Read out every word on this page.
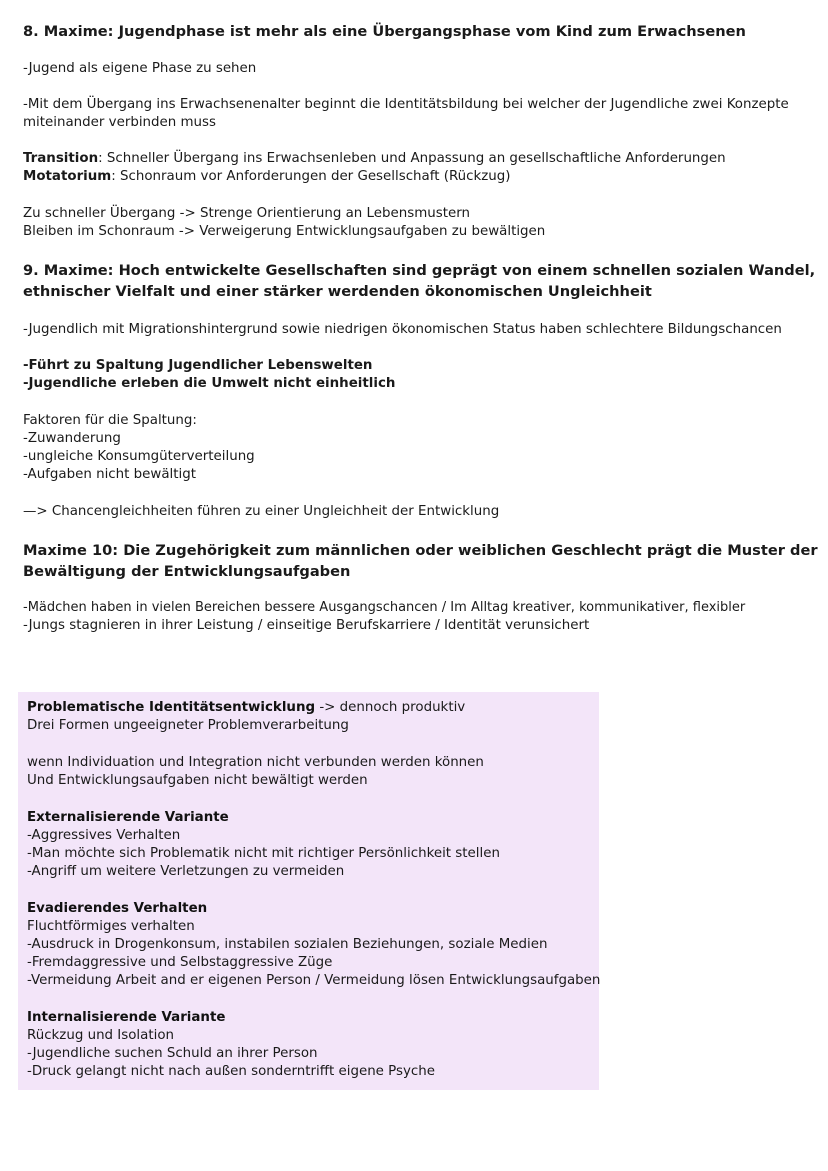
8. Maxime: Jugendphase ist mehr als eine Übergangsphase vom Kind zum Erwachsenen
-Jugend als eigene Phase zu sehen
-Mit dem Übergang ins Erwachsenenalter beginnt die Identitätsbildung bei welcher der Jugendliche zwei Konzepte
miteinander verbinden muss
Transition: Schneller Übergang ins Erwachsenleben und Anpassung an gesellschaftliche Anforderungen
Motatorium: Schonraum vor Anforderungen der Gesellschaft (Rückzug)
Zu schneller Übergang -> Strenge Orientierung an Lebensmustern
Bleiben im Schonraum -> Verweigerung Entwicklungsaufgaben zu bewältigen
9. Maxime: Hoch entwickelte Gesellschaften sind geprägt von einem schnellen sozialen Wandel,
ethnischer Vielfalt und einer stärker werdenden ökonomischen Ungleichheit
-Jugendlich mit Migrationshintergrund sowie niedrigen ökonomischen Status haben schlechtere Bildungschancen
-Führt zu Spaltung Jugendlicher Lebenswelten
-Jugendliche erleben die Umwelt nicht einheitlich
Faktoren für die Spaltung:
-Zuwanderung
-ungleiche Konsumgüterverteilung
-Aufgaben nicht bewältigt
—> Chancengleichheiten führen zu einer Ungleichheit der Entwicklung
Maxime 10: Die Zugehörigkeit zum männlichen oder weiblichen Geschlecht prägt die Muster der
Bewältigung der Entwicklungsaufgaben
-Mädchen haben in vielen Bereichen bessere Ausgangschancen / Im Alltag kreativer, kommunikativer, flexibler
-Jungs stagnieren in ihrer Leistung / einseitige Berufskarriere / Identität verunsichert
Problematische Identitätsentwicklung -> dennoch produktiv
Drei Formen ungeeigneter Problemverarbeitung
wenn Individuation und Integration nicht verbunden werden können
Und Entwicklungsaufgaben nicht bewältigt werden
Externalisierende Variante
-Aggressives Verhalten
-Man möchte sich Problematik nicht mit richtiger Persönlichkeit stellen
-Angriff um weitere Verletzungen zu vermeiden
Evadierendes Verhalten
Fluchtförmiges verhalten
-Ausdruck in Drogenkonsum, instabilen sozialen Beziehungen, soziale Medien
-Fremdaggressive und Selbstaggressive Züge
-Vermeidung Arbeit and er eigenen Person / Vermeidung lösen Entwicklungsaufgaben
Internalisierende Variante
Rückzug und Isolation
-Jugendliche suchen Schuld an ihrer Person
-Druck gelangt nicht nach außen sonderntrifft eigene Psyche
